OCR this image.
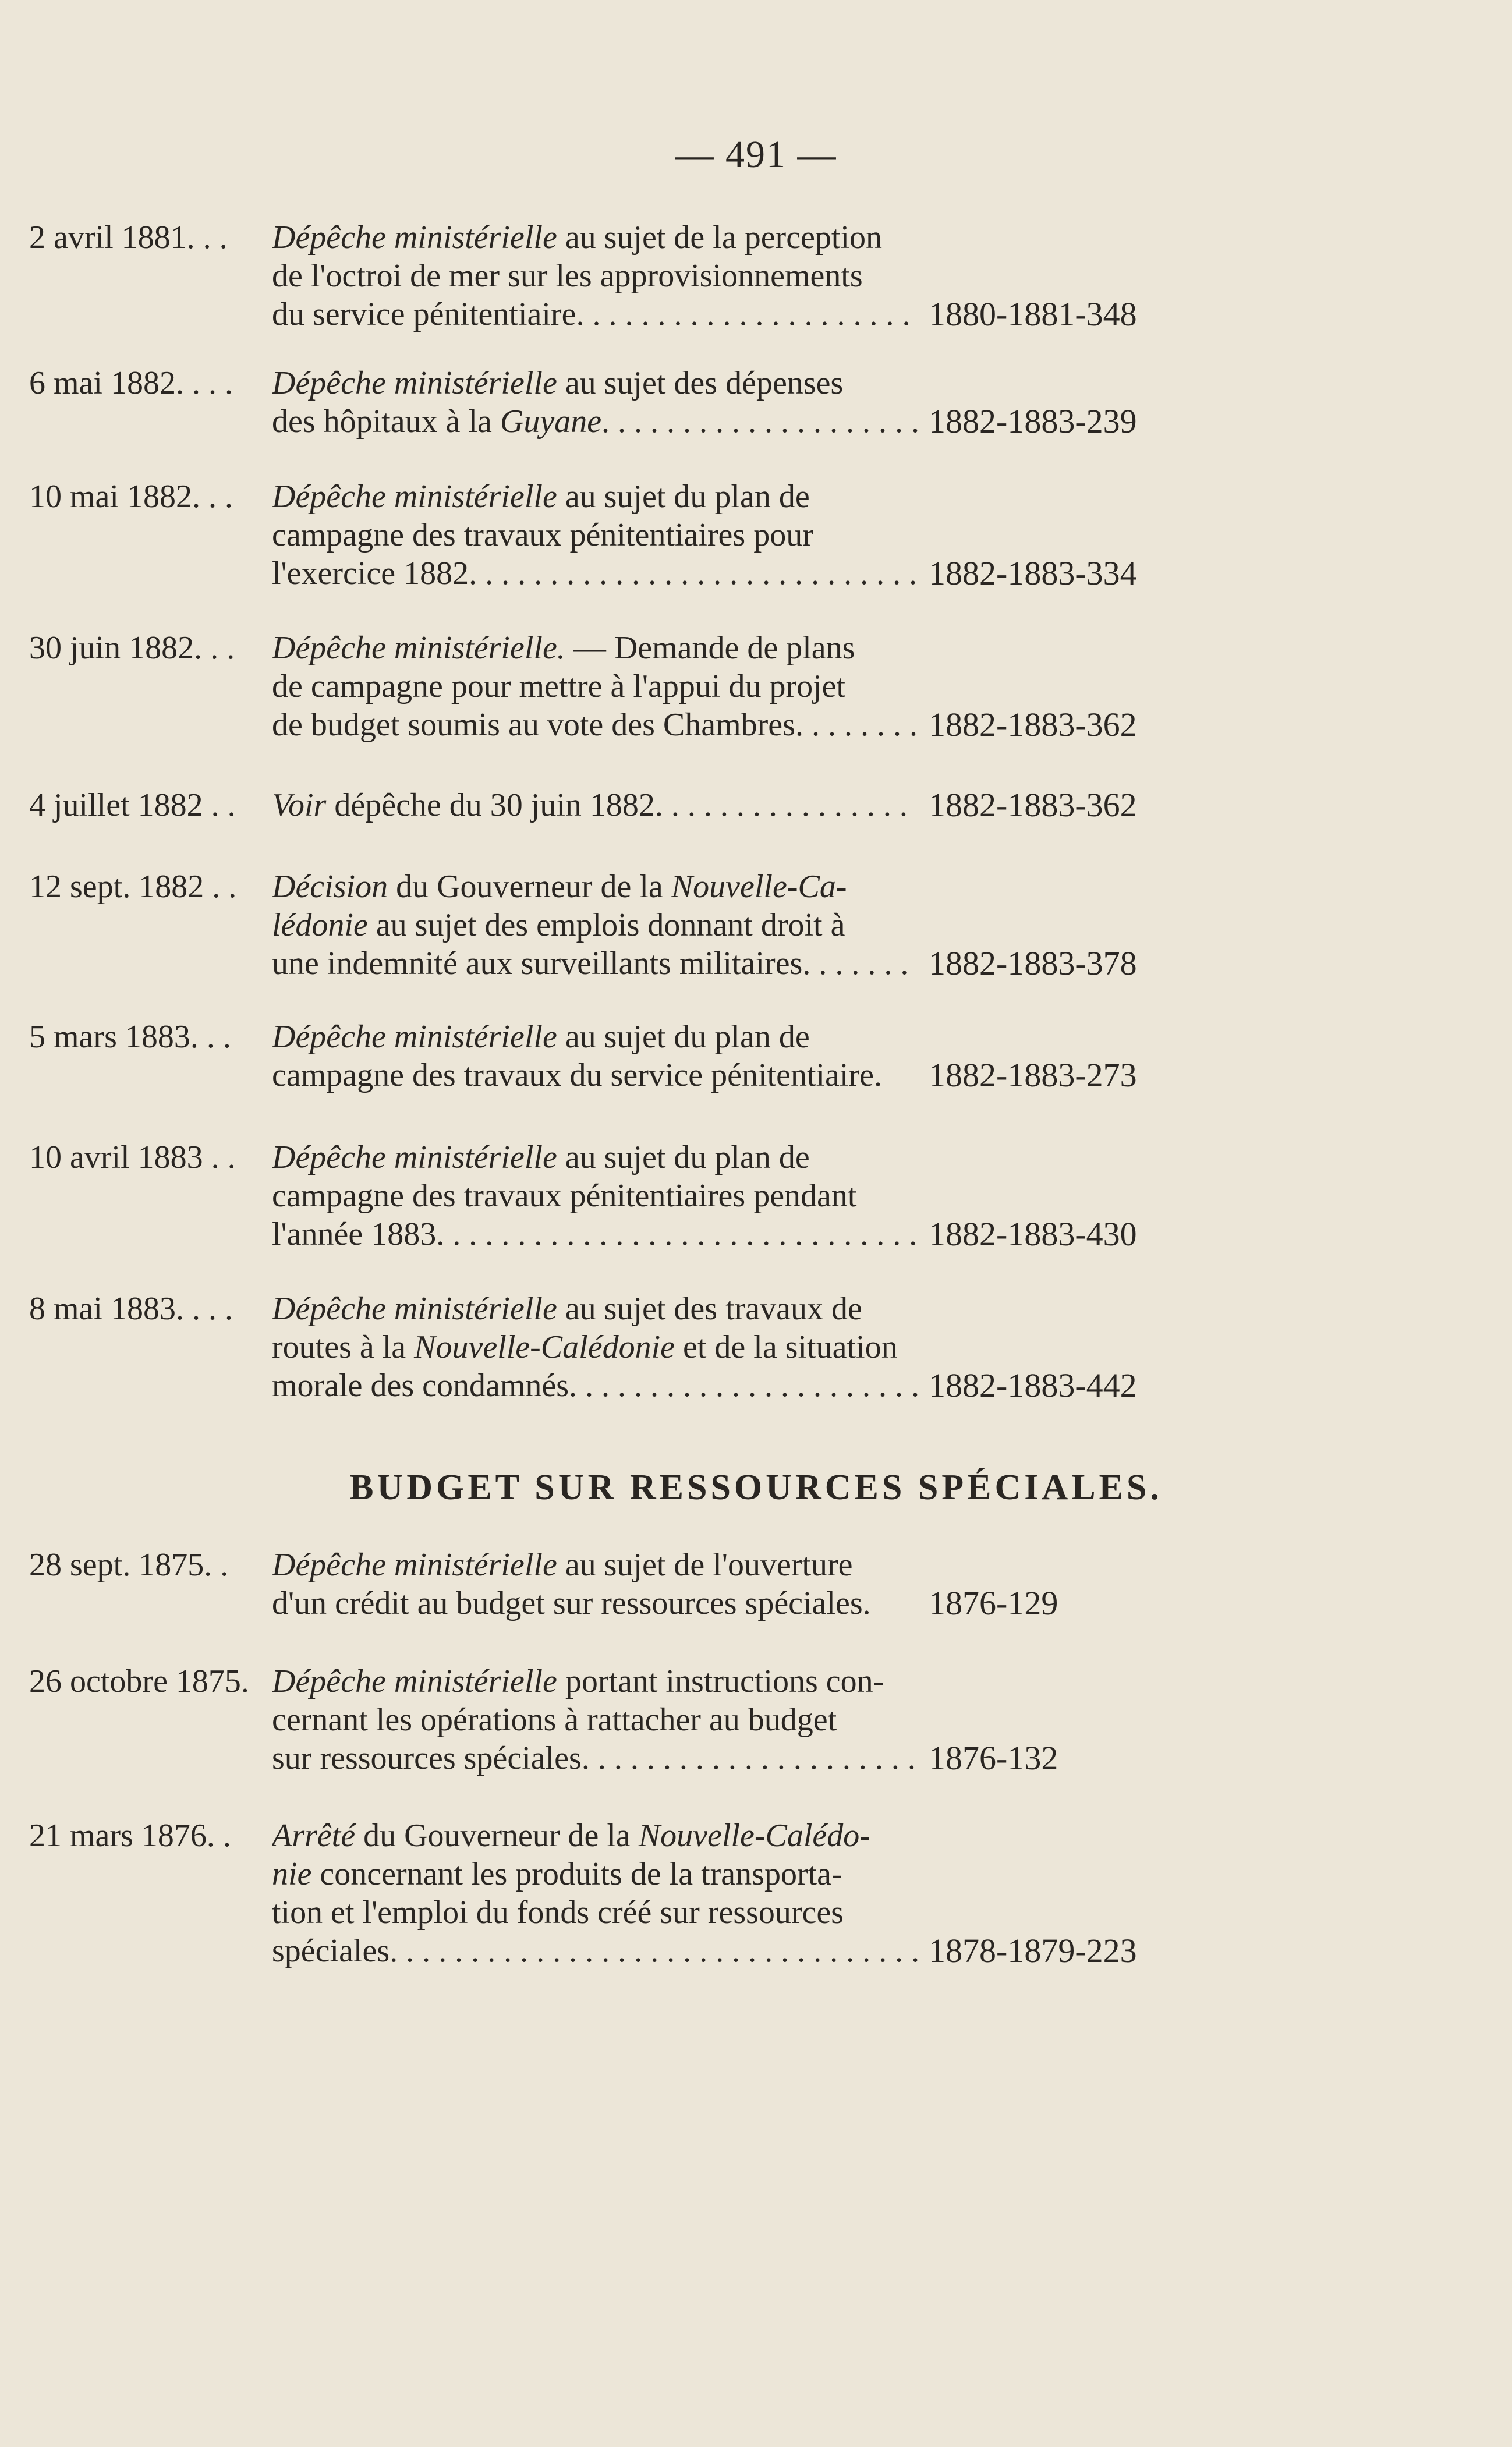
— 491 —
2 avril 1881. . .	Dépêche ministérielle au sujet de la perception
de l'octroi de mer sur les approvisionnements
du service pénitentiaire . . .	1880-1881-348
6 mai 1882. . . .	Dépêche ministérielle au sujet des dépenses
des hôpitaux à la Guyane . . .	1882-1883-239
10 mai 1882. . .	Dépêche ministérielle au sujet du plan de
campagne des travaux pénitentiaires pour
l'exercice 1882 . . .	1882-1883-334
30 juin 1882. . .	Dépêche ministérielle. — Demande de plans
de campagne pour mettre à l'appui du projet
de budget soumis au vote des Chambres . . .	1882-1883-362
4 juillet 1882 . .	Voir dépêche du 30 juin 1882 . . .	1882-1883-362
12 sept. 1882 . .	Décision du Gouverneur de la Nouvelle-Ca-
lédonie au sujet des emplois donnant droit à
une indemnité aux surveillants militaires . . .	1882-1883-378
5 mars 1883. . .	Dépêche ministérielle au sujet du plan de
campagne des travaux du service pénitentiaire.	1882-1883-273
10 avril 1883 . .	Dépêche ministérielle au sujet du plan de
campagne des travaux pénitentiaires pendant
l'année 1883 . . .	1882-1883-430
8 mai 1883. . . .	Dépêche ministérielle au sujet des travaux de
routes à la Nouvelle-Calédonie et de la situation
morale des condamnés . . .	1882-1883-442
28 sept. 1875. .	Dépêche ministérielle au sujet de l'ouverture
d'un crédit au budget sur ressources spéciales.	1876-129
26 octobre 1875. Dépêche ministérielle portant instructions con-
cernant les opérations à rattacher au budget
sur ressources spéciales . . .	1876-132
21 mars 1876. .	Arrêté du Gouverneur de la Nouvelle-Calédo-
nie concernant les produits de la transporta-
tion et l'emploi du fonds créé sur ressources
spéciales . . .	1878-1879-223
BUDGET SUR RESSOURCES SPÉCIALES.
